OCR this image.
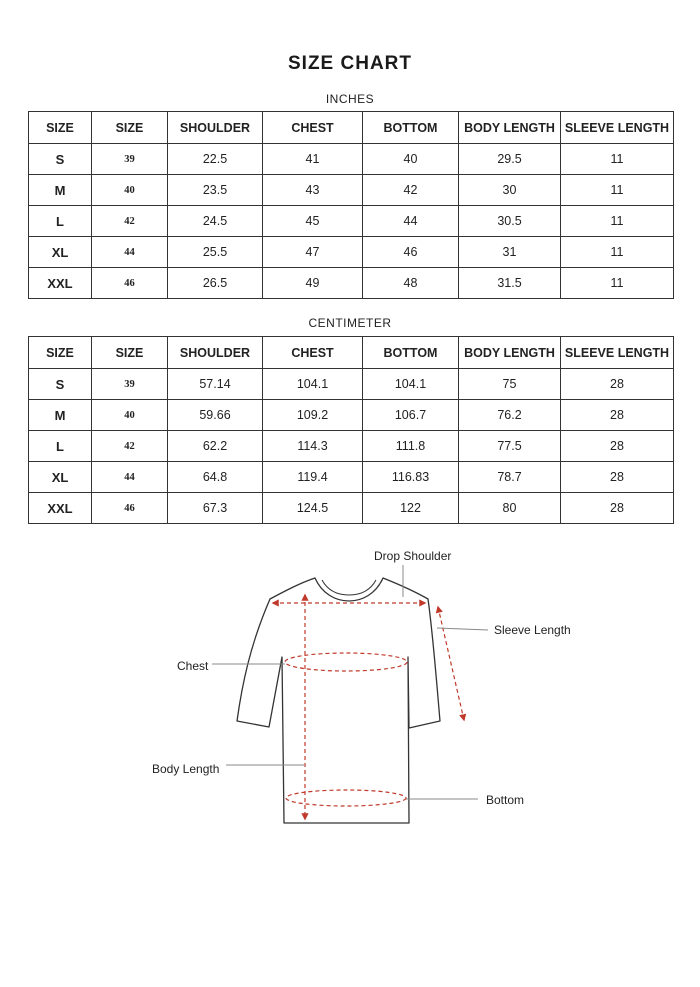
SIZE CHART
INCHES
SIZE	SIZE	SHOULDER	CHEST	BOTTOM	BODY LENGTH	SLEEVE LENGTH
S	39	22.5	41	40	29.5	11
M	40	23.5	43	42	30	11
L	42	24.5	45	44	30.5	11
XL	44	25.5	47	46	31	11
XXL	46	26.5	49	48	31.5	11
CENTIMETER
SIZE	SIZE	SHOULDER	CHEST	BOTTOM	BODY LENGTH	SLEEVE LENGTH
S	39	57.14	104.1	104.1	75	28
M	40	59.66	109.2	106.7	76.2	28
L	42	62.2	114.3	111.8	77.5	28
XL	44	64.8	119.4	116.83	78.7	28
XXL	46	67.3	124.5	122	80	28
Drop Shoulder
Sleeve Length
Chest
Body Length
Bottom
